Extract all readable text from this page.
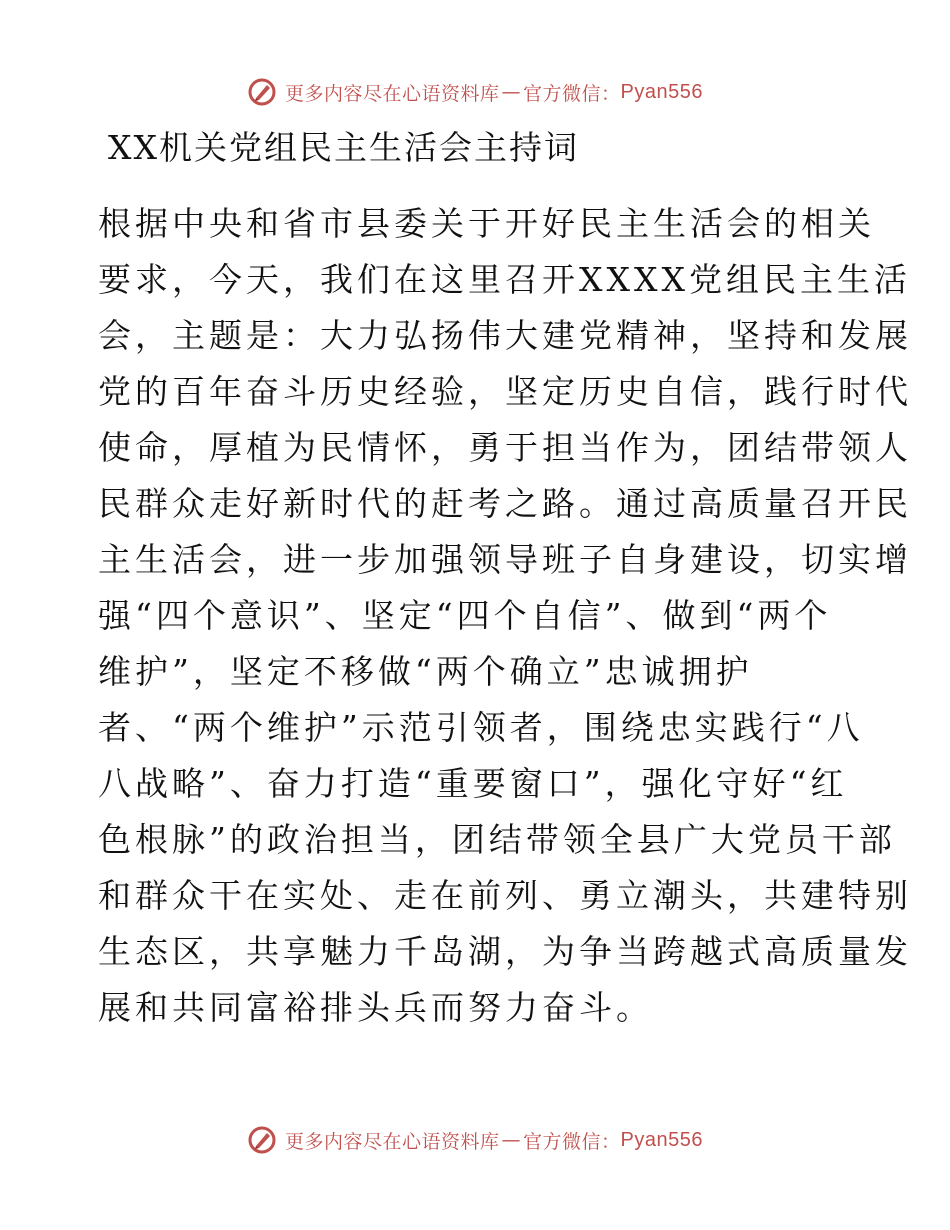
更多内容尽在心语资料库 — 官方微信： Pyan556
XX机关党组民主生活会主持词
根据中央和省市县委关于开好民主生活会的相关
要求，今天，我们在这里召开XXXX党组民主生活
会，主题是：大力弘扬伟大建党精神，坚持和发展
党的百年奋斗历史经验，坚定历史自信，践行时代
使命，厚植为民情怀，勇于担当作为，团结带领人
民群众走好新时代的赶考之路。通过高质量召开民
主生活会，进一步加强领导班子自身建设，切实增
强“四个意识”、坚定“四个自信”、做到“两个
维护”，坚定不移做“两个确立”忠诚拥护
者、“两个维护”示范引领者，围绕忠实践行“八
八战略”、奋力打造“重要窗口”，强化守好“红
色根脉”的政治担当，团结带领全县广大党员干部
和群众干在实处、走在前列、勇立潮头，共建特别
生态区，共享魅力千岛湖，为争当跨越式高质量发
展和共同富裕排头兵而努力奋斗。
更多内容尽在心语资料库 — 官方微信： Pyan556
